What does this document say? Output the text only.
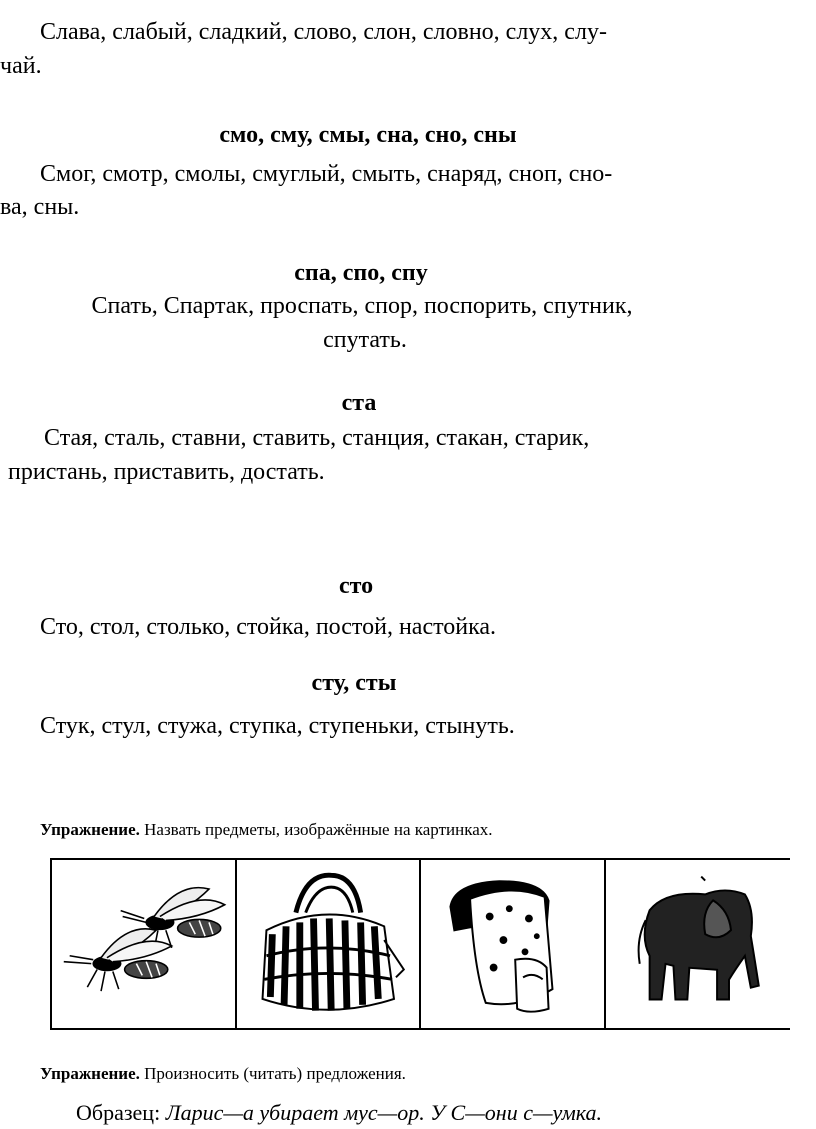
Слава, слабый, сладкий, слово, слон, словно, слух, слу-
чай.
смо, сму, смы, сна, сно, сны
Смог, смотр, смолы, смуглый, смыть, снаряд, сноп, сно-
ва, сны.
спа, спо, спу
Спать, Спартак, проспать, спор, поспорить, спутник,
спутать.
ста
Стая, сталь, ставни, ставить, станция, стакан, старик,
пристань, приставить, достать.
сто
Сто, стол, столько, стойка, постой, настойка.
сту, сты
Стук, стул, стужа, ступка, ступеньки, стынуть.
Упражнение. Назвать предметы, изображённые на картинках.
Упражнение. Произносить (читать) предложения.
Образец: Ларис—а убирает мус—ор. У С—они с—умка.
